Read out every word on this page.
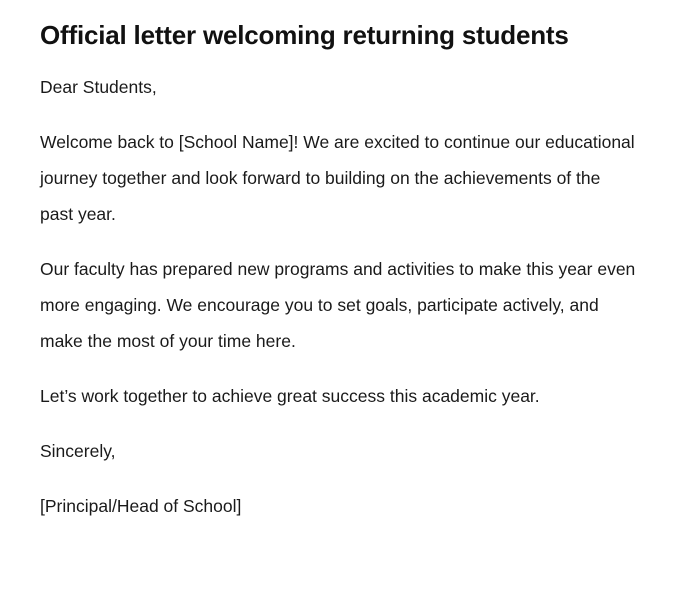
Official letter welcoming returning students

Dear Students,

Welcome back to [School Name]! We are excited to continue our educational journey together and look forward to building on the achievements of the past year.

Our faculty has prepared new programs and activities to make this year even more engaging. We encourage you to set goals, participate actively, and make the most of your time here.

Let’s work together to achieve great success this academic year.

Sincerely,

[Principal/Head of School]
